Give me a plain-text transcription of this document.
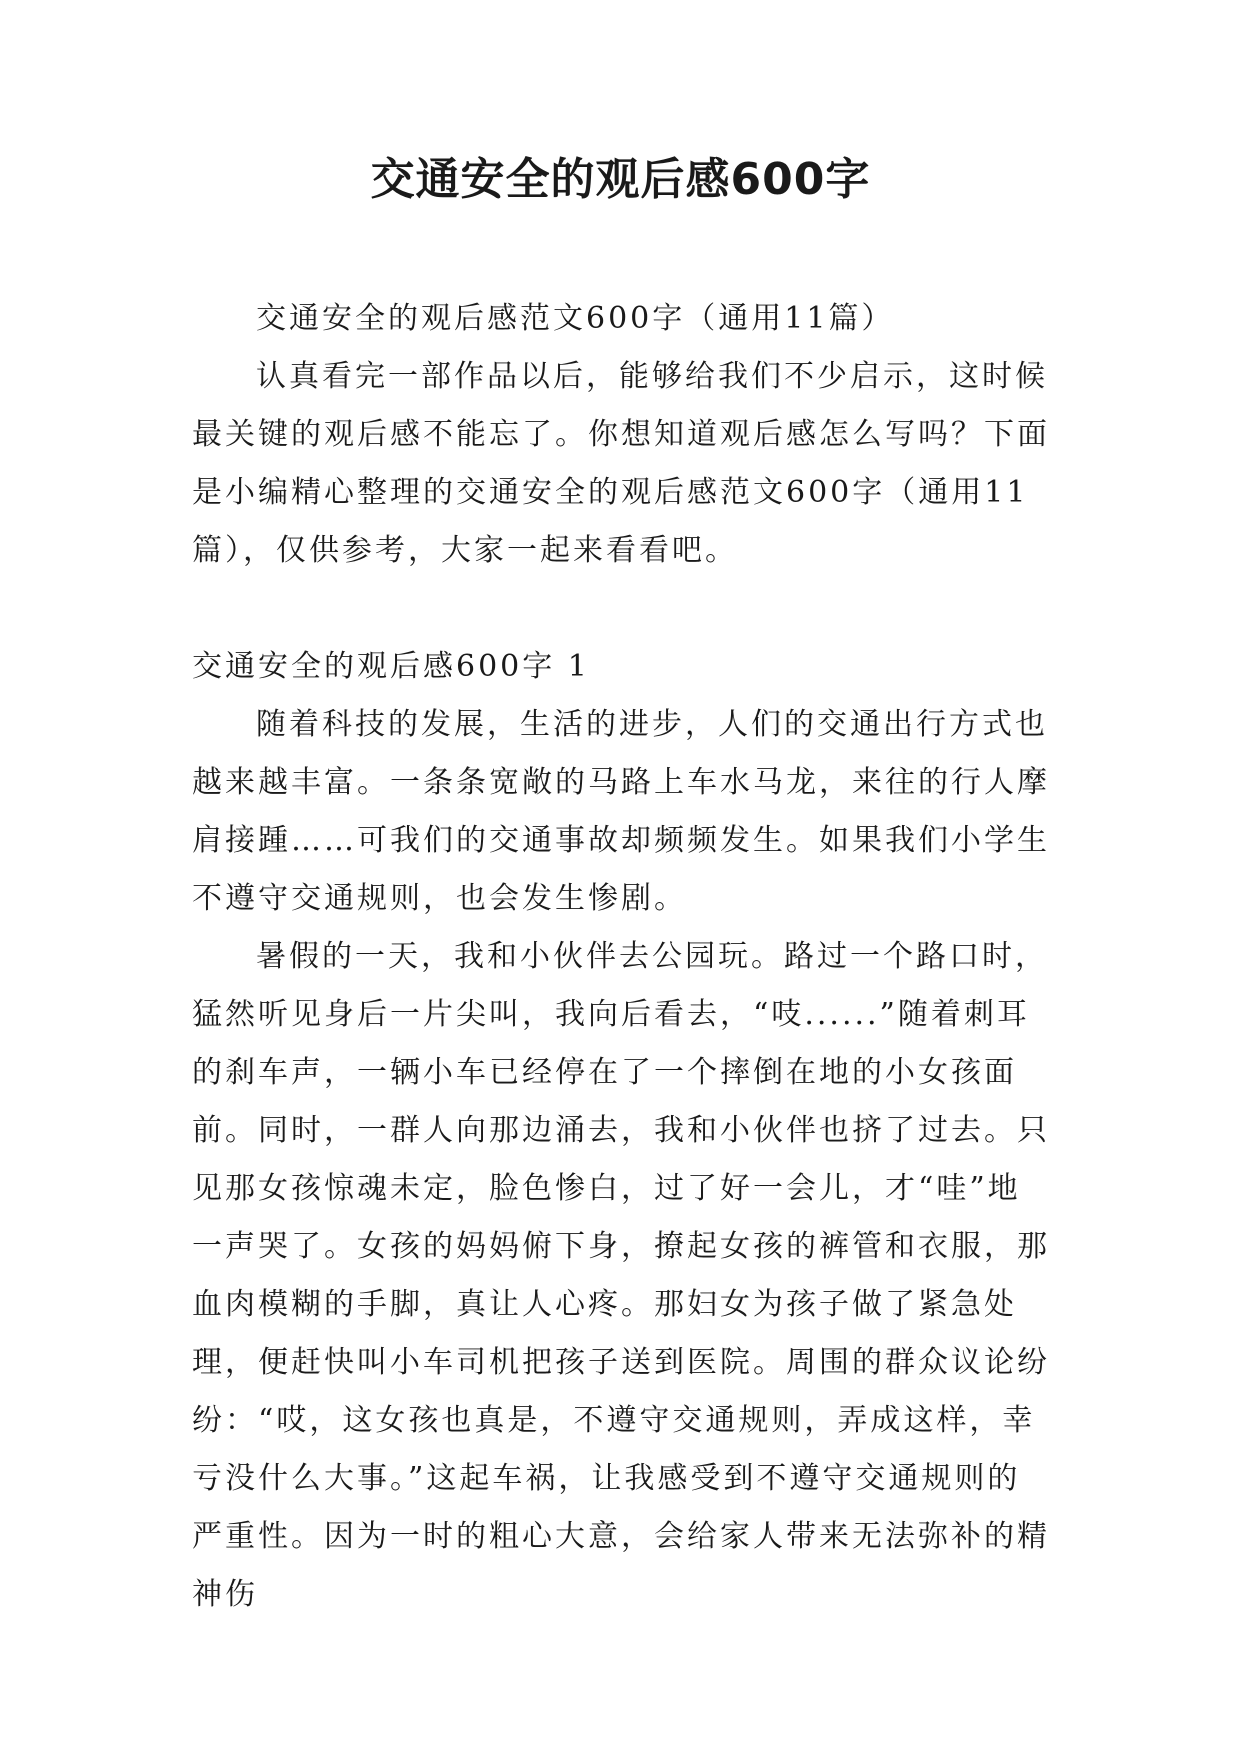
交通安全的观后感600字

交通安全的观后感范文600字（通用11篇）

认真看完一部作品以后，能够给我们不少启示，这时候最关键的观后感不能忘了。你想知道观后感怎么写吗？下面是小编精心整理的交通安全的观后感范文600字（通用11篇），仅供参考，大家一起来看看吧。

交通安全的观后感600字 1

随着科技的发展，生活的进步，人们的交通出行方式也越来越丰富。一条条宽敞的马路上车水马龙，来往的行人摩肩接踵……可我们的交通事故却频频发生。如果我们小学生不遵守交通规则，也会发生惨剧。

暑假的一天，我和小伙伴去公园玩。路过一个路口时，猛然听见身后一片尖叫，我向后看去，“吱......”随着刺耳的刹车声，一辆小车已经停在了一个摔倒在地的小女孩面前。同时，一群人向那边涌去，我和小伙伴也挤了过去。只见那女孩惊魂未定，脸色惨白，过了好一会儿，才“哇”地一声哭了。女孩的妈妈俯下身，撩起女孩的裤管和衣服，那血肉模糊的手脚，真让人心疼。那妇女为孩子做了紧急处理，便赶快叫小车司机把孩子送到医院。周围的群众议论纷纷：“哎，这女孩也真是，不遵守交通规则，弄成这样，幸亏没什么大事。”这起车祸，让我感受到不遵守交通规则的严重性。因为一时的粗心大意，会给家人带来无法弥补的精神伤
